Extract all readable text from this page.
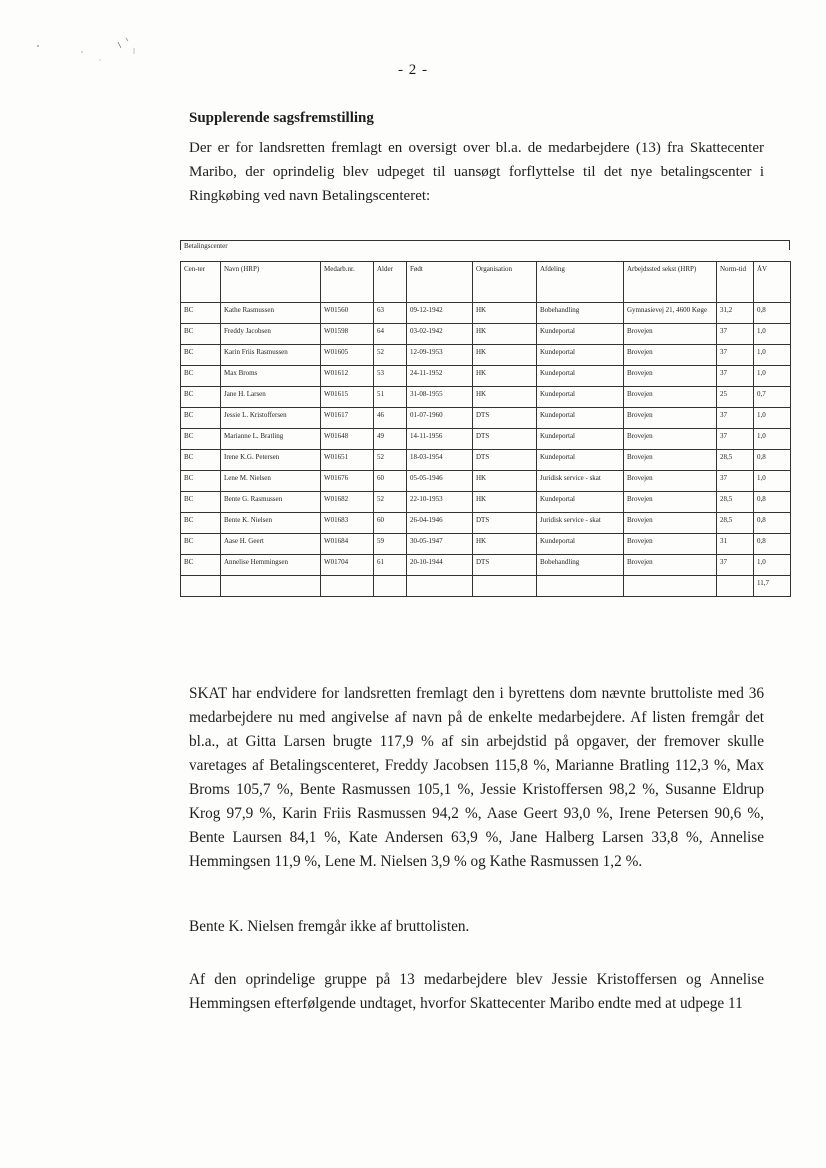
- 2 -
Supplerende sagsfremstilling
Der er for landsretten fremlagt en oversigt over bl.a. de medarbejdere (13) fra Skattecenter Maribo, der oprindelig blev udpeget til uansøgt forflyttelse til det nye betalingscenter i Ringkøbing ved navn Betalingscenteret:
Betalingscenter
Cen-ter	Navn (HRP)	Medarb.nr.	Alder	Født	Organisation	Afdeling	Arbejdssted sekst (HRP)	Norm-tid	ÅV
BC	Kathe Rasmussen	W01560	63	09-12-1942	HK	Bobehandling	Gymnasievej 21, 4600 Køge	31,2	0,8
BC	Freddy Jacobsen	W01598	64	03-02-1942	HK	Kundeportal	Brovejen	37	1,0
BC	Karin Friis Rasmussen	W01605	52	12-09-1953	HK	Kundeportal	Brovejen	37	1,0
BC	Max Broms	W01612	53	24-11-1952	HK	Kundeportal	Brovejen	37	1,0
BC	Jane H. Larsen	W01615	51	31-08-1955	HK	Kundeportal	Brovejen	25	0,7
BC	Jessie L. Kristoffersen	W01617	46	01-07-1960	DTS	Kundeportal	Brovejen	37	1,0
BC	Marianne L. Bratling	W01648	49	14-11-1956	DTS	Kundeportal	Brovejen	37	1,0
BC	Irene K.G. Petersen	W01651	52	18-03-1954	DTS	Kundeportal	Brovejen	28,5	0,8
BC	Lene M. Nielsen	W01676	60	05-05-1946	HK	Juridisk service - skat	Brovejen	37	1,0
BC	Bente G. Rasmussen	W01682	52	22-10-1953	HK	Kundeportal	Brovejen	28,5	0,8
BC	Bente K. Nielsen	W01683	60	26-04-1946	DTS	Juridisk service - skat	Brovejen	28,5	0,8
BC	Aase H. Geert	W01684	59	30-05-1947	HK	Kundeportal	Brovejen	31	0,8
BC	Annelise Hemmingsen	W01704	61	20-10-1944	DTS	Bobehandling	Brovejen	37	1,0
									11,7
SKAT har endvidere for landsretten fremlagt den i byrettens dom nævnte bruttoliste med 36 medarbejdere nu med angivelse af navn på de enkelte medarbejdere. Af listen fremgår det bl.a., at Gitta Larsen brugte 117,9 % af sin arbejdstid på opgaver, der fremover skulle varetages af Betalingscenteret, Freddy Jacobsen 115,8 %, Marianne Bratling 112,3 %, Max Broms 105,7 %, Bente Rasmussen 105,1 %, Jessie Kristoffersen 98,2 %, Susanne Eldrup Krog 97,9 %, Karin Friis Rasmussen 94,2 %, Aase Geert 93,0 %, Irene Petersen 90,6 %, Bente Laursen 84,1 %, Kate Andersen 63,9 %, Jane Halberg Larsen 33,8 %, Annelise Hemmingsen 11,9 %, Lene M. Nielsen 3,9 % og Kathe Rasmussen 1,2 %.
Bente K. Nielsen fremgår ikke af bruttolisten.
Af den oprindelige gruppe på 13 medarbejdere blev Jessie Kristoffersen og Annelise Hemmingsen efterfølgende undtaget, hvorfor Skattecenter Maribo endte med at udpege 11
